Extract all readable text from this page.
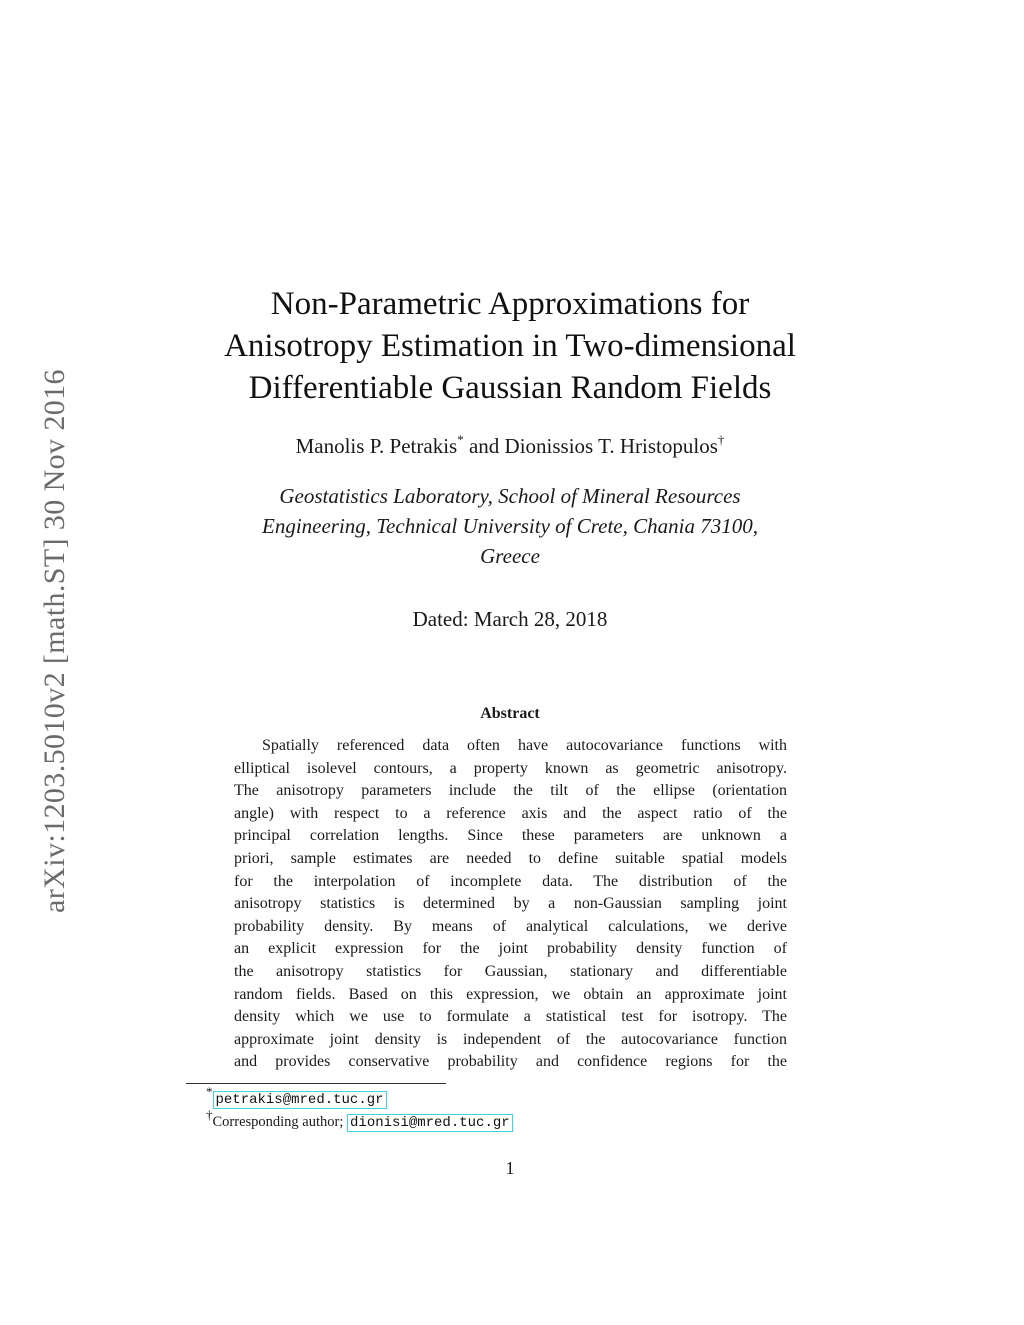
arXiv:1203.5010v2 [math.ST] 30 Nov 2016
Non-Parametric Approximations for
Anisotropy Estimation in Two-dimensional
Differentiable Gaussian Random Fields
Manolis P. Petrakis* and Dionissios T. Hristopulos†
Geostatistics Laboratory, School of Mineral Resources
Engineering, Technical University of Crete, Chania 73100,
Greece
Dated: March 28, 2018
Abstract
Spatially referenced data often have autocovariance functions with
elliptical isolevel contours, a property known as geometric anisotropy.
The anisotropy parameters include the tilt of the ellipse (orientation
angle) with respect to a reference axis and the aspect ratio of the
principal correlation lengths. Since these parameters are unknown a
priori, sample estimates are needed to define suitable spatial models
for the interpolation of incomplete data. The distribution of the
anisotropy statistics is determined by a non-Gaussian sampling joint
probability density. By means of analytical calculations, we derive
an explicit expression for the joint probability density function of
the anisotropy statistics for Gaussian, stationary and differentiable
random fields. Based on this expression, we obtain an approximate joint
density which we use to formulate a statistical test for isotropy. The
approximate joint density is independent of the autocovariance function
and provides conservative probability and confidence regions for the
*petrakis@mred.tuc.gr
†Corresponding author; dionisi@mred.tuc.gr
1
